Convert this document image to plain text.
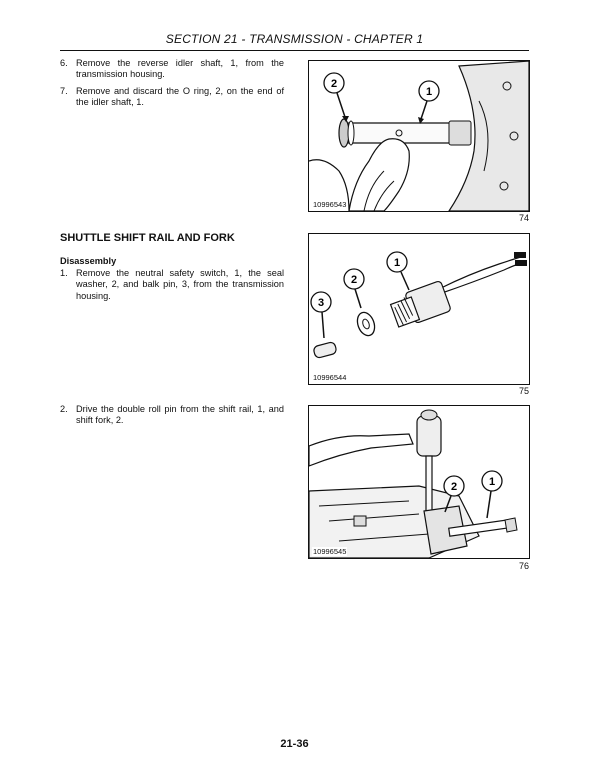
SECTION 21 - TRANSMISSION - CHAPTER 1
6. Remove the reverse idler shaft, 1, from the transmission housing.
7. Remove and discard the O ring, 2, on the end of the idler shaft, 1.
2
1
10996543
74
SHUTTLE SHIFT RAIL AND FORK
Disassembly
1. Remove the neutral safety switch, 1, the seal washer, 2, and balk pin, 3, from the transmission housing.
1
2
3
10996544
75
2. Drive the double roll pin from the shift rail, 1, and shift fork, 2.
2	1
10996545
76
21-36
